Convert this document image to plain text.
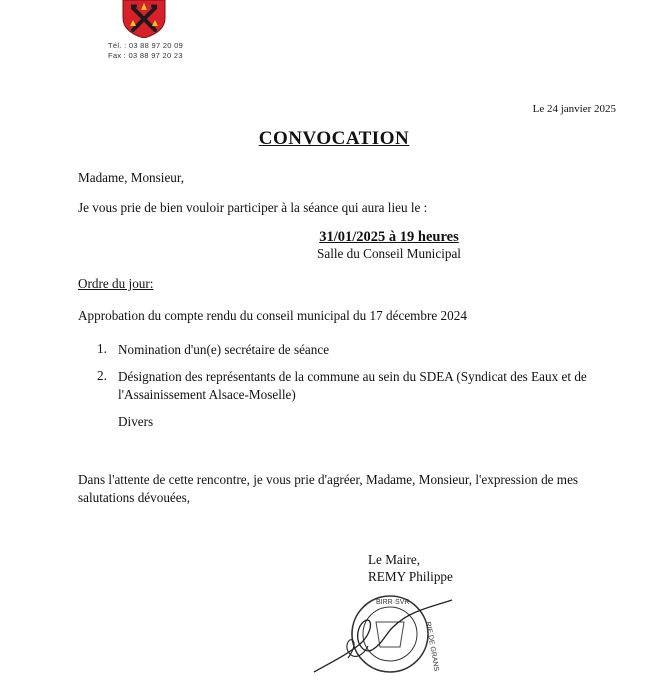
Tél. : 03 88 97 20 09
Fax : 03 88 97 20 23
Le 24 janvier 2025
CONVOCATION
Madame, Monsieur,
Je vous prie de bien vouloir participer à la séance qui aura lieu le :
31/01/2025 à 19 heures
Salle du Conseil Municipal
Ordre du jour:
Approbation du compte rendu du conseil municipal du 17 décembre 2024
1. Nomination d'un(e) secrétaire de séance
2. Désignation des représentants de la commune au sein du SDEA (Syndicat des Eaux et de l'Assainissement Alsace-Moselle)
Divers
Dans l'attente de cette rencontre, je vous prie d'agréer, Madame, Monsieur, l'expression de mes salutations dévouées,
Le Maire,
REMY Philippe
BIRR·SVR
RIE DE GRANS
